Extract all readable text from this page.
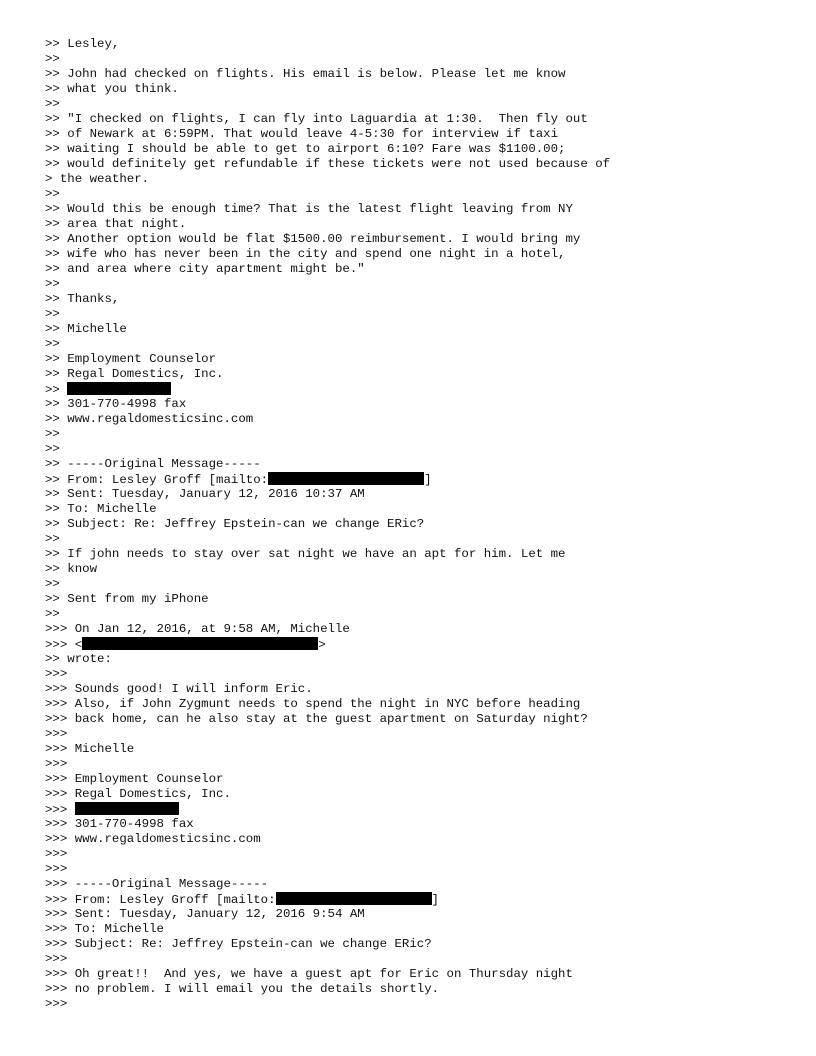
>> Lesley,
>>
>> John had checked on flights. His email is below. Please let me know
>> what you think.
>>
>> "I checked on flights, I can fly into Laguardia at 1:30.  Then fly out
>> of Newark at 6:59PM. That would leave 4-5:30 for interview if taxi
>> waiting I should be able to get to airport 6:10? Fare was $1100.00;
>> would definitely get refundable if these tickets were not used because of
> the weather.
>>
>> Would this be enough time? That is the latest flight leaving from NY
>> area that night.
>> Another option would be flat $1500.00 reimbursement. I would bring my
>> wife who has never been in the city and spend one night in a hotel,
>> and area where city apartment might be."
>>
>> Thanks,
>>
>> Michelle
>>
>> Employment Counselor
>> Regal Domestics, Inc.
>>
>> 301-770-4998 fax
>> www.regaldomesticsinc.com
>>
>>
>> -----Original Message-----
>> From: Lesley Groff [mailto:	]
>> Sent: Tuesday, January 12, 2016 10:37 AM
>> To: Michelle
>> Subject: Re: Jeffrey Epstein-can we change ERic?
>>
>> If john needs to stay over sat night we have an apt for him. Let me
>> know
>>
>> Sent from my iPhone
>>
>>> On Jan 12, 2016, at 9:58 AM, Michelle
>>> <	>
>> wrote:
>>>
>>> Sounds good! I will inform Eric.
>>> Also, if John Zygmunt needs to spend the night in NYC before heading
>>> back home, can he also stay at the guest apartment on Saturday night?
>>>
>>> Michelle
>>>
>>> Employment Counselor
>>> Regal Domestics, Inc.
>>>
>>> 301-770-4998 fax
>>> www.regaldomesticsinc.com
>>>
>>>
>>> -----Original Message-----
>>> From: Lesley Groff [mailto:	]
>>> Sent: Tuesday, January 12, 2016 9:54 AM
>>> To: Michelle
>>> Subject: Re: Jeffrey Epstein-can we change ERic?
>>>
>>> Oh great!!  And yes, we have a guest apt for Eric on Thursday night
>>> no problem. I will email you the details shortly.
>>>
